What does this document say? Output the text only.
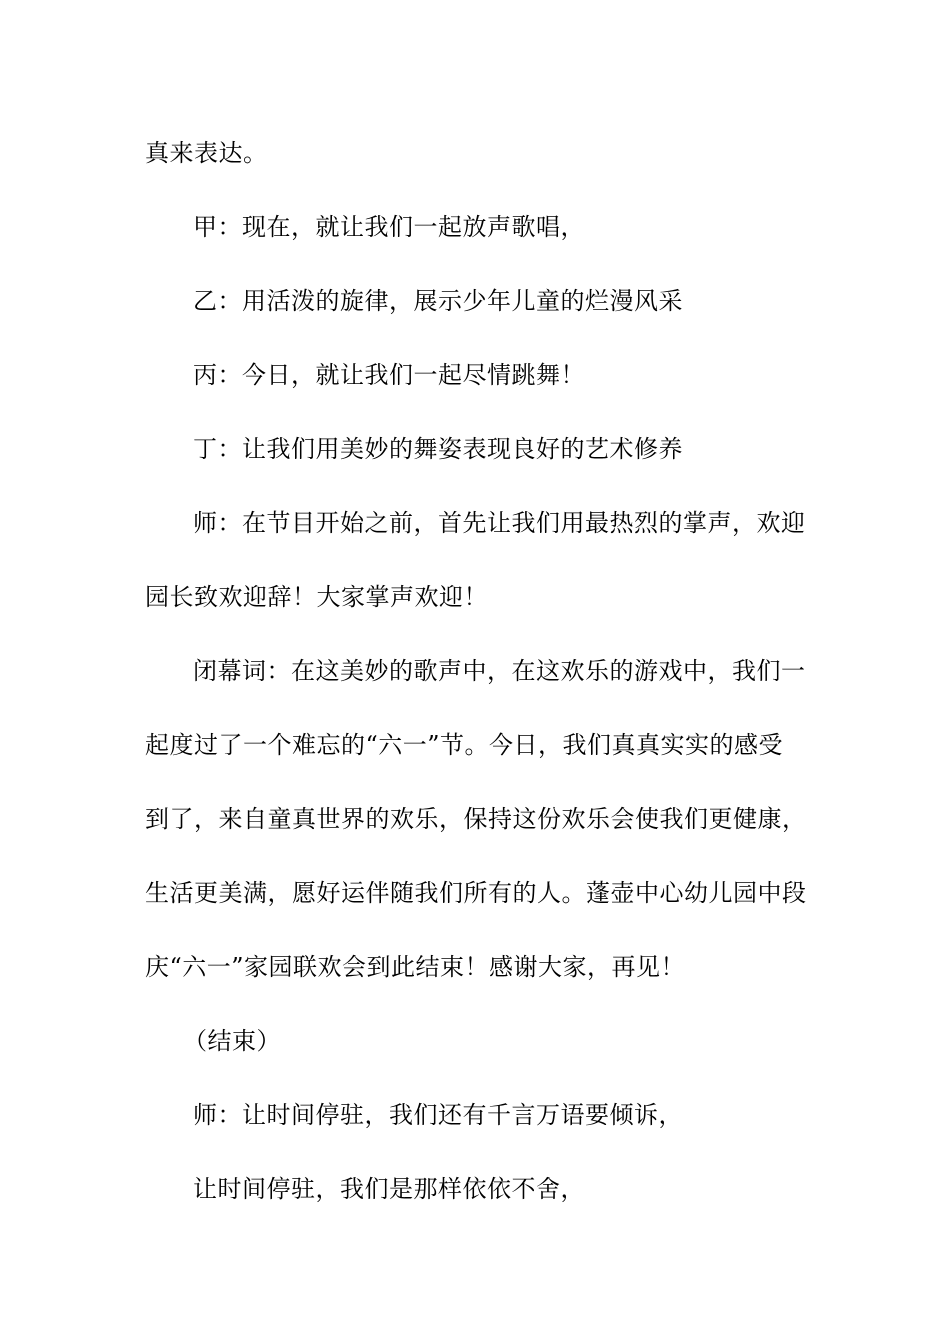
真来表达。
甲：现在，就让我们一起放声歌唱，
乙：用活泼的旋律，展示少年儿童的烂漫风采
丙：今日，就让我们一起尽情跳舞！
丁：让我们用美妙的舞姿表现良好的艺术修养
师：在节目开始之前，首先让我们用最热烈的掌声，欢迎
园长致欢迎辞！大家掌声欢迎！
闭幕词：在这美妙的歌声中，在这欢乐的游戏中，我们一
起度过了一个难忘的“六一”节。今日，我们真真实实的感受
到了，来自童真世界的欢乐，保持这份欢乐会使我们更健康，
生活更美满，愿好运伴随我们所有的人。蓬壶中心幼儿园中段
庆“六一”家园联欢会到此结束！感谢大家，再见！
（结束）
师：让时间停驻，我们还有千言万语要倾诉，
让时间停驻，我们是那样依依不舍，
